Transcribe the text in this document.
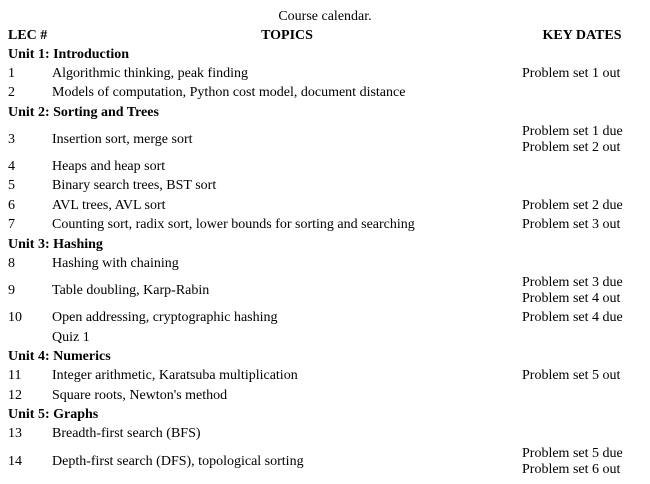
Course calendar.
LEC #	TOPICS	KEY DATES
Unit 1: Introduction		
1	Algorithmic thinking, peak finding	Problem set 1 out

2	Models of computation, Python cost model, document distance	
Unit 2: Sorting and Trees		
3	Insertion sort, merge sort	Problem set 1 due
Problem set 2 out

4	Heaps and heap sort	
5	Binary search trees, BST sort	
6	AVL trees, AVL sort	Problem set 2 due

7	Counting sort, radix sort, lower bounds for sorting and searching	Problem set 3 out

Unit 3: Hashing		
8	Hashing with chaining	
9	Table doubling, Karp-Rabin	Problem set 3 due
Problem set 4 out

10	Open addressing, cryptographic hashing	Problem set 4 due

	Quiz 1	
Unit 4: Numerics		
11	Integer arithmetic, Karatsuba multiplication	Problem set 5 out

12	Square roots, Newton's method	
Unit 5: Graphs		
13	Breadth-first search (BFS)	
14	Depth-first search (DFS), topological sorting	Problem set 5 due
Problem set 6 out
